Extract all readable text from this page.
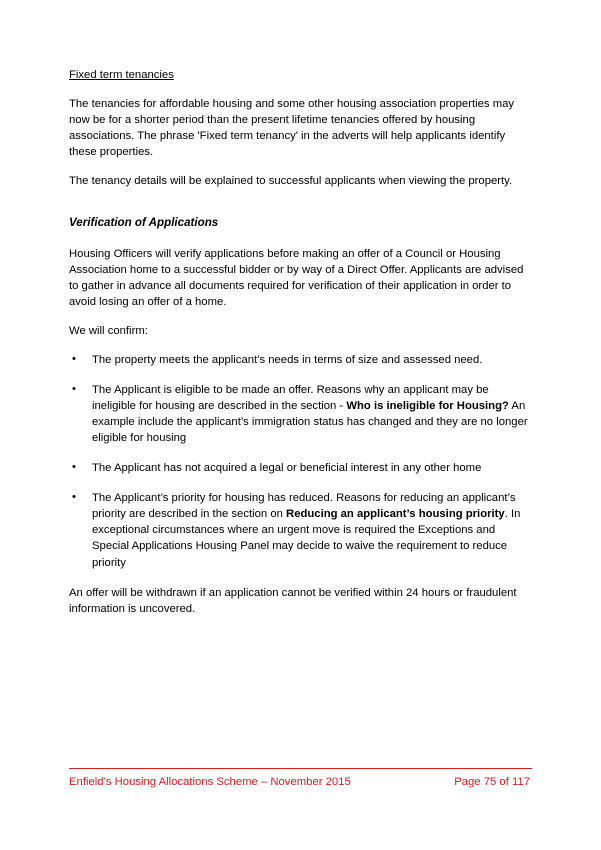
Fixed term tenancies

The tenancies for affordable housing and some other housing association properties may now be for a shorter period than the present lifetime tenancies offered by housing associations. The phrase 'Fixed term tenancy' in the adverts will help applicants identify these properties.

The tenancy details will be explained to successful applicants when viewing the property.

Verification of Applications

Housing Officers will verify applications before making an offer of a Council or Housing Association home to a successful bidder or by way of a Direct Offer. Applicants are advised to gather in advance all documents required for verification of their application in order to avoid losing an offer of a home.

We will confirm:

• The property meets the applicant’s needs in terms of size and assessed need.
• The Applicant is eligible to be made an offer. Reasons why an applicant may be ineligible for housing are described in the section - Who is ineligible for Housing? An example include the applicant’s immigration status has changed and they are no longer eligible for housing
• The Applicant has not acquired a legal or beneficial interest in any other home
• The Applicant’s priority for housing has reduced. Reasons for reducing an applicant’s priority are described in the section on Reducing an applicant’s housing priority. In exceptional circumstances where an urgent move is required the Exceptions and Special Applications Housing Panel may decide to waive the requirement to reduce priority

An offer will be withdrawn if an application cannot be verified within 24 hours or fraudulent information is uncovered.

Enfield’s Housing Allocations Scheme – November 2015	Page 75 of 117
